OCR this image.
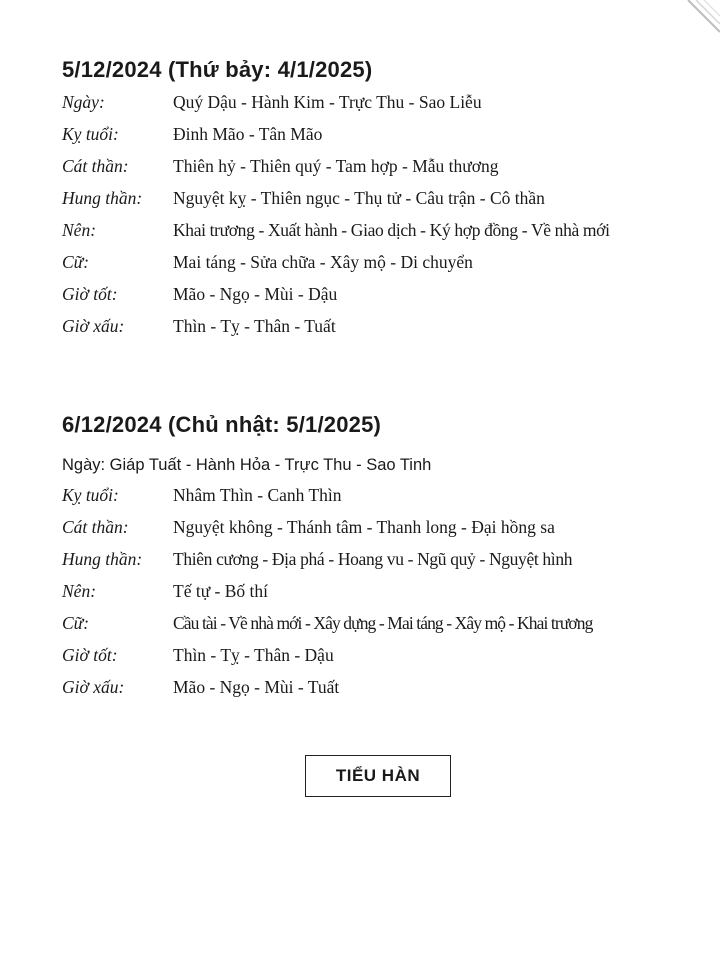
5/12/2024 (Thứ bảy: 4/1/2025)
Ngày:	Quý Dậu - Hành Kim - Trực Thu - Sao Liễu
Kỵ tuổi:	Đinh Mão - Tân Mão
Cát thần:	Thiên hỷ - Thiên quý - Tam hợp - Mẫu thương
Hung thần: Nguyệt kỵ - Thiên ngục - Thụ tử - Câu trận - Cô thần
Nên:	Khai trương - Xuất hành - Giao dịch - Ký hợp đồng - Về nhà mới
Cữ:	Mai táng - Sửa chữa - Xây mộ - Di chuyển
Giờ tốt:	Mão - Ngọ - Mùi - Dậu
Giờ xấu:	Thìn - Tỵ - Thân - Tuất
6/12/2024 (Chủ nhật: 5/1/2025)
Ngày: Giáp Tuất - Hành Hỏa - Trực Thu - Sao Tinh
Kỵ tuổi:	Nhâm Thìn - Canh Thìn
Cát thần:	Nguyệt không - Thánh tâm - Thanh long - Đại hồng sa
Hung thần: Thiên cương - Địa phá - Hoang vu - Ngũ quỷ - Nguyệt hình
Nên:	Tế tự - Bố thí
Cữ:	Cầu tài - Về nhà mới - Xây dựng - Mai táng - Xây mộ - Khai trương
Giờ tốt:	Thìn - Tỵ - Thân - Dậu
Giờ xấu:	Mão - Ngọ - Mùi - Tuất
TIỂU HÀN
